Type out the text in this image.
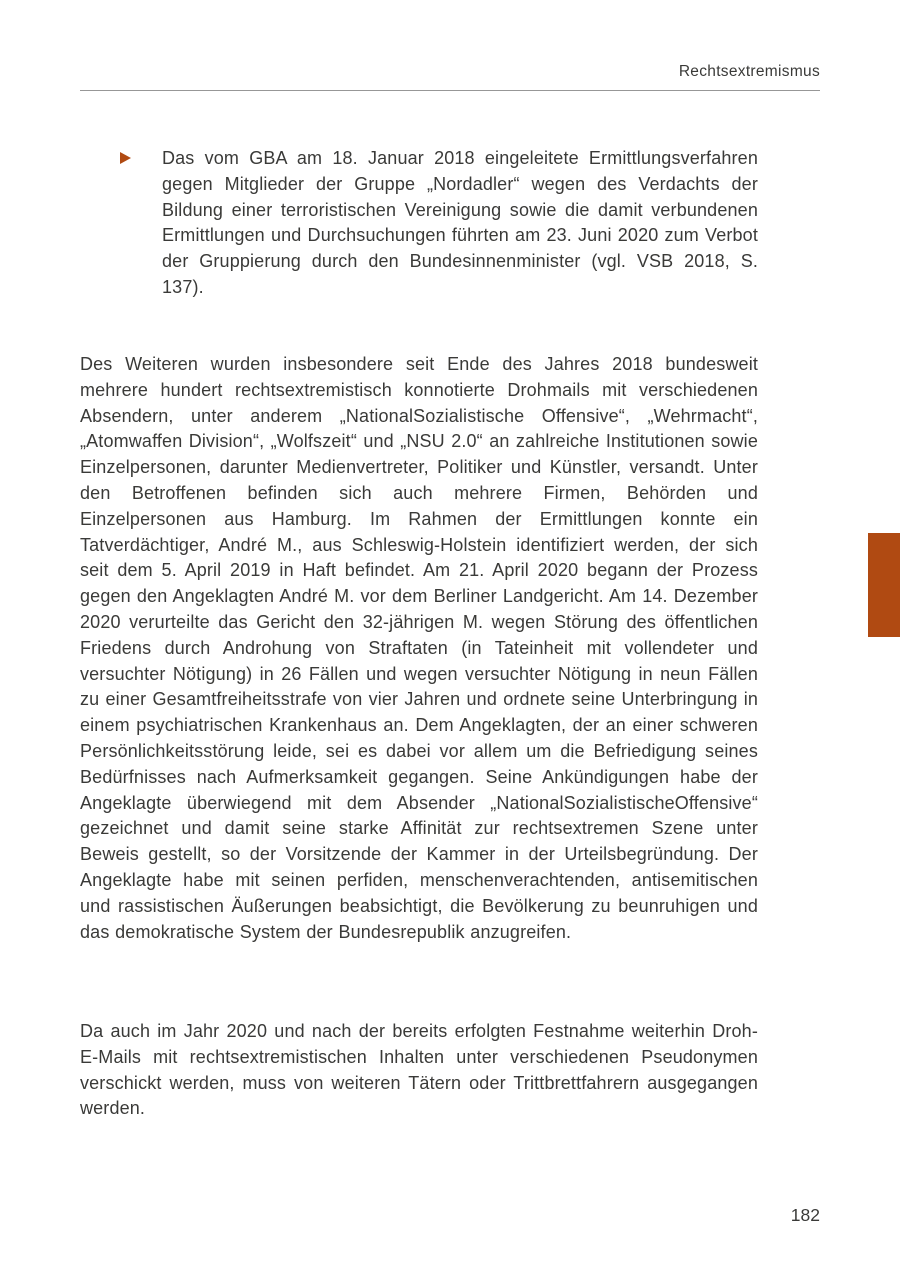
Rechtsextremismus

Das vom GBA am 18. Januar 2018 eingeleitete Ermittlungsverfahren gegen Mitglieder der Gruppe „Nordadler“ wegen des Verdachts der Bildung einer terroristischen Vereinigung sowie die damit verbundenen Ermittlungen und Durchsuchungen führten am 23. Juni 2020 zum Verbot der Gruppierung durch den Bundesinnenminister (vgl. VSB 2018, S. 137).

Des Weiteren wurden insbesondere seit Ende des Jahres 2018 bundesweit mehrere hundert rechtsextremistisch konnotierte Drohmails mit verschiedenen Absendern, unter anderem „NationalSozialistische Offensive“, „Wehrmacht“, „Atomwaffen Division“, „Wolfszeit“ und „NSU 2.0“ an zahlreiche Institutionen sowie Einzelpersonen, darunter Medienvertreter, Politiker und Künstler, versandt. Unter den Betroffenen befinden sich auch mehrere Firmen, Behörden und Einzelpersonen aus Hamburg. Im Rahmen der Ermittlungen konnte ein Tatverdächtiger, André M., aus Schleswig-Holstein identifiziert werden, der sich seit dem 5. April 2019 in Haft befindet. Am 21. April 2020 begann der Prozess gegen den Angeklagten André M. vor dem Berliner Landgericht. Am 14. Dezember 2020 verurteilte das Gericht den 32-jährigen M. wegen Störung des öffentlichen Friedens durch Androhung von Straftaten (in Tateinheit mit vollendeter und versuchter Nötigung) in 26 Fällen und wegen versuchter Nötigung in neun Fällen zu einer Gesamtfreiheitsstrafe von vier Jahren und ordnete seine Unterbringung in einem psychiatrischen Krankenhaus an. Dem Angeklagten, der an einer schweren Persönlichkeitsstörung leide, sei es dabei vor allem um die Befriedigung seines Bedürfnisses nach Aufmerksamkeit gegangen. Seine Ankündigungen habe der Angeklagte überwiegend mit dem Absender „NationalSozialistischeOffensive“ gezeichnet und damit seine starke Affinität zur rechtsextremen Szene unter Beweis gestellt, so der Vorsitzende der Kammer in der Urteilsbegründung. Der Angeklagte habe mit seinen perfiden, menschenverachtenden, antisemitischen und rassistischen Äußerungen beabsichtigt, die Bevölkerung zu beunruhigen und das demokratische System der Bundesrepublik anzugreifen.

Da auch im Jahr 2020 und nach der bereits erfolgten Festnahme weiterhin Droh-E-Mails mit rechtsextremistischen Inhalten unter verschiedenen Pseudonymen verschickt werden, muss von weiteren Tätern oder Trittbrettfahrern ausgegangen werden.

182
